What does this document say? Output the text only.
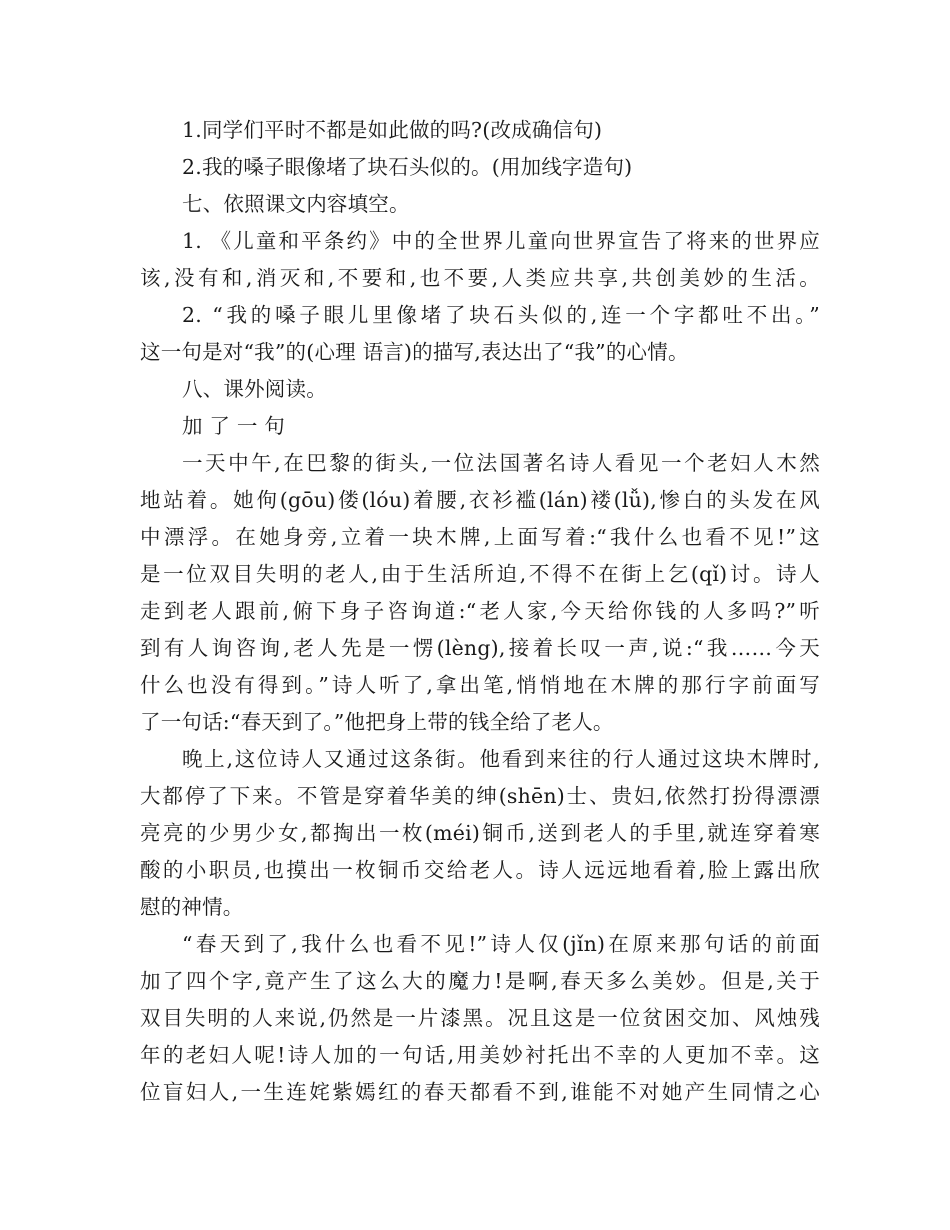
1.同学们平时不都是如此做的吗?(改成确信句)
2.我的嗓子眼像堵了块石头似的。(用加线字造句)
七、依照课文内容填空。
1. 《儿童和平条约》中的全世界儿童向世界宣告了将来的世界应
该,没有和,消灭和,不要和,也不要,人类应共享,共创美妙的生活。
2. “我的嗓子眼儿里像堵了块石头似的,连一个字都吐不出。”
这一句是对“我”的(心理 语言)的描写,表达出了“我”的心情。
八、课外阅读。
加 了 一 句
一天中午,在巴黎的街头,一位法国著名诗人看见一个老妇人木然
地站着。她佝(gōu)偻(lóu)着腰,衣衫褴(lán)褛(lǚ),惨白的头发在风
中漂浮。在她身旁,立着一块木牌,上面写着:“我什么也看不见!”这
是一位双目失明的老人,由于生活所迫,不得不在街上乞(qǐ)讨。诗人
走到老人跟前,俯下身子咨询道:“老人家,今天给你钱的人多吗?”听
到有人询咨询,老人先是一愣(lèng),接着长叹一声,说:“我……今天
什么也没有得到。”诗人听了,拿出笔,悄悄地在木牌的那行字前面写
了一句话:“春天到了。”他把身上带的钱全给了老人。
晚上,这位诗人又通过这条街。他看到来往的行人通过这块木牌时,
大都停了下来。不管是穿着华美的绅(shēn)士、贵妇,依然打扮得漂漂
亮亮的少男少女,都掏出一枚(méi)铜币,送到老人的手里,就连穿着寒
酸的小职员,也摸出一枚铜币交给老人。诗人远远地看着,脸上露出欣
慰的神情。
“春天到了,我什么也看不见!”诗人仅(jǐn)在原来那句话的前面
加了四个字,竟产生了这么大的魔力!是啊,春天多么美妙。但是,关于
双目失明的人来说,仍然是一片漆黑。况且这是一位贫困交加、风烛残
年的老妇人呢!诗人加的一句话,用美妙衬托出不幸的人更加不幸。这
位盲妇人,一生连姹紫嫣红的春天都看不到,谁能不对她产生同情之心
